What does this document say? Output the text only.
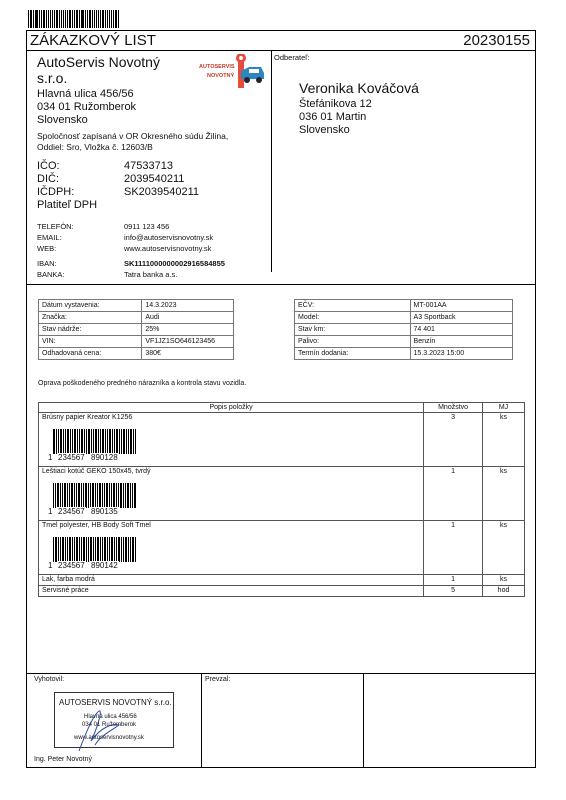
ZÁKAZKOVÝ LIST	20230155
AutoServis Novotný
s.r.o.
Hlavná ulica 456/56
034 01 Ružomberok
Slovensko
Spoločnosť zapísaná v OR Okresného súdu Žilina,
Oddiel: Sro, Vložka č. 12603/B
IČO:	47533713
DIČ:	2039540211
IČDPH:	SK2039540211
Platiteľ DPH
TELEFÓN:	0911 123 456
EMAIL:	info@autoservisnovotny.sk
WEB:	www.autoservisnovotny.sk
IBAN:	SK1111000000002916584855
BANKA:	Tatra banka a.s.
AUTOSERVIS
NOVOTNÝ
Odberateľ:
Veronika Kováčová
Štefánikova 12
036 01 Martin
Slovensko
Dátum vystavenia:	14.3.2023
Značka:	Audi
Stav nádrže:	25%
VIN:	VF1JZ1SO646123456
Odhadovaná cena:	380€
EČV:	MT-001AA
Model:	A3 Sportback
Stav km:	74 401
Palivo:	Benzín
Termín dodania:	15.3.2023 15:00
Oprava poškodeného predného nárazníka a kontrola stavu vozidla.
Popis položky	Množstvo	MJ

Brúsny papier Kreator K1256
1 234567 890128	3	ks

Leštiaci kotúč GEKO 150x45, tvrdý
1 234567 890135	1	ks

Tmel polyester, HB Body Soft Tmel
1 234567 890142	1	ks

Lak, farba modrá	1	ks

Servisné práce	5	hod
Vyhotovil:	Prevzal:
AUTOSERVIS NOVOTNÝ s.r.o.
Hlavná ulica 456/56
034 01 Ružomberok
www.autoservisnovotny.sk
Ing. Peter Novotný
